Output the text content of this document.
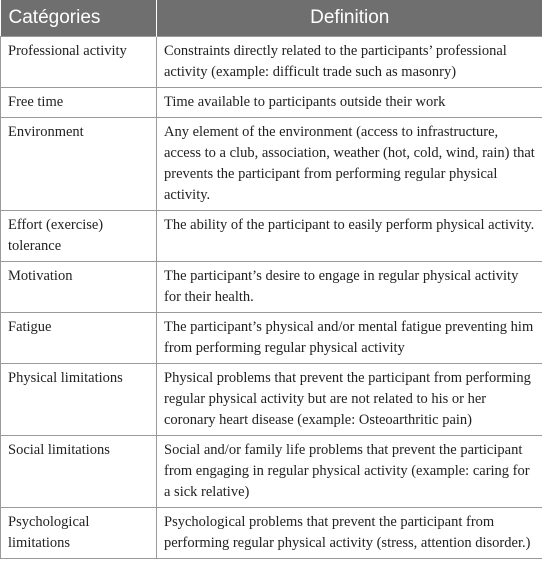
Catégories	Definition
Professional activity	Constraints directly related to the participants’ professional activity (example: difficult trade such as masonry)
Free time	Time available to participants outside their work
Environment	Any element of the environment (access to infrastructure, access to a club, association, weather (hot, cold, wind, rain) that prevents the participant from performing regular physical activity.
Effort (exercise) tolerance	The ability of the participant to easily perform physical activity.
Motivation	The participant’s desire to engage in regular physical activity for their health.
Fatigue	The participant’s physical and/or mental fatigue preventing him from performing regular physical activity
Physical limitations	Physical problems that prevent the participant from performing regular physical activity but are not related to his or her coronary heart disease (example: Osteoarthritic pain)
Social limitations	Social and/or family life problems that prevent the participant from engaging in regular physical activity (example: caring for a sick relative)
Psychological limitations	Psychological problems that prevent the participant from performing regular physical activity (stress, attention disorder.)
